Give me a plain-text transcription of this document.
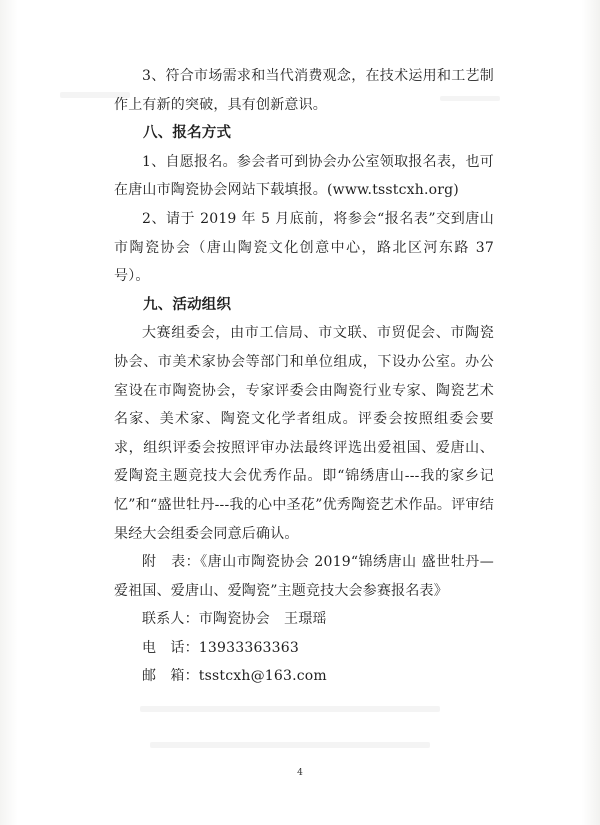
3、符合市场需求和当代消费观念，在技术运用和工艺制作上有新的突破，具有创新意识。

八、报名方式

1、自愿报名。参会者可到协会办公室领取报名表，也可在唐山市陶瓷协会网站下载填报。(www.tsstcxh.org)

2、请于 2019 年 5 月底前，将参会“报名表”交到唐山市陶瓷协会（唐山陶瓷文化创意中心，路北区河东路 37 号）。

九、活动组织

大赛组委会，由市工信局、市文联、市贸促会、市陶瓷协会、市美术家协会等部门和单位组成，下设办公室。办公室设在市陶瓷协会，专家评委会由陶瓷行业专家、陶瓷艺术名家、美术家、陶瓷文化学者组成。评委会按照组委会要求，组织评委会按照评审办法最终评选出爱祖国、爱唐山、爱陶瓷主题竞技大会优秀作品。即“锦绣唐山---我的家乡记忆”和“盛世牡丹---我的心中圣花”优秀陶瓷艺术作品。评审结果经大会组委会同意后确认。

附　表：《唐山市陶瓷协会 2019“锦绣唐山 盛世牡丹—爱祖国、爱唐山、爱陶瓷”主题竞技大会参赛报名表》

联系人：市陶瓷协会　王璟瑶

电　话：13933363363

邮　箱：tsstcxh@163.com

4
